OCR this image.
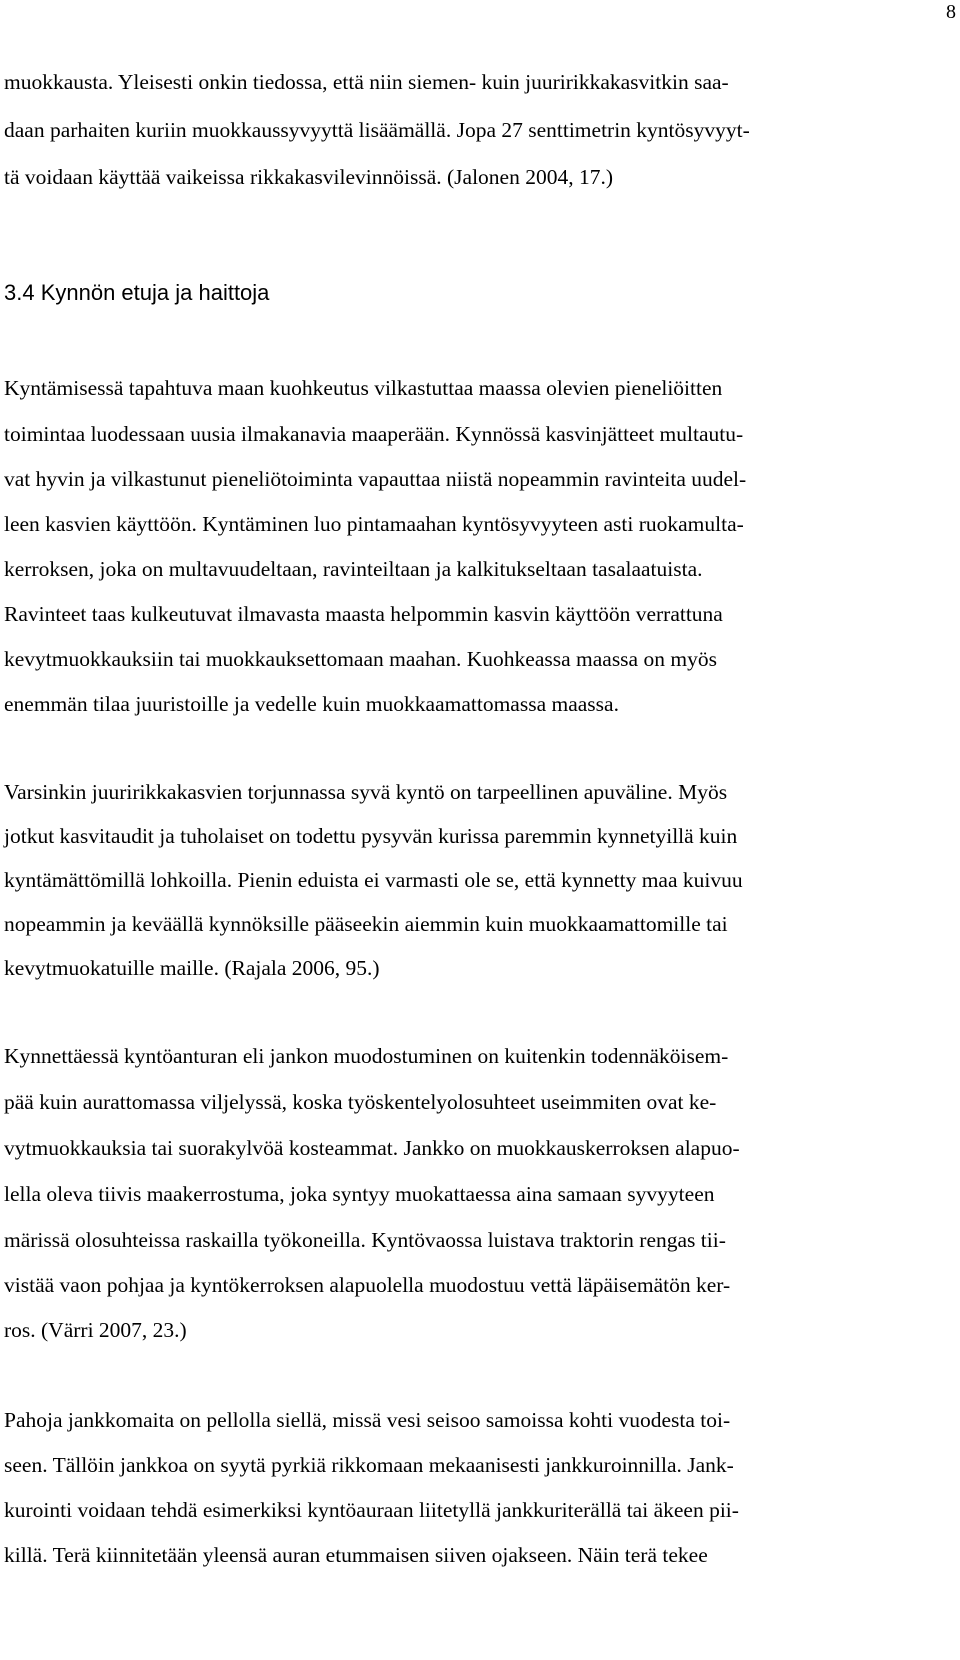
8
muokkausta. Yleisesti onkin tiedossa, että niin siemen- kuin juuririkkakasvitkin saa-
daan parhaiten kuriin muokkaussyvyyttä lisäämällä. Jopa 27 senttimetrin kyntösyvyyt-
tä voidaan käyttää vaikeissa rikkakasvilevinnöissä. (Jalonen 2004, 17.)
3.4 Kynnön etuja ja haittoja
Kyntämisessä tapahtuva maan kuohkeutus vilkastuttaa maassa olevien pieneliöitten
toimintaa luodessaan uusia ilmakanavia maaperään. Kynnössä kasvinjätteet multautu-
vat hyvin ja vilkastunut pieneliötoiminta vapauttaa niistä nopeammin ravinteita uudel-
leen kasvien käyttöön. Kyntäminen luo pintamaahan kyntösyvyyteen asti ruokamulta-
kerroksen, joka on multavuudeltaan, ravinteiltaan ja kalkitukseltaan tasalaatuista.
Ravinteet taas kulkeutuvat ilmavasta maasta helpommin kasvin käyttöön verrattuna
kevytmuokkauksiin tai muokkauksettomaan maahan. Kuohkeassa maassa on myös
enemmän tilaa juuristoille ja vedelle kuin muokkaamattomassa maassa.
Varsinkin juuririkkakasvien torjunnassa syvä kyntö on tarpeellinen apuväline. Myös
jotkut kasvitaudit ja tuholaiset on todettu pysyvän kurissa paremmin kynnetyillä kuin
kyntämättömillä lohkoilla. Pienin eduista ei varmasti ole se, että kynnetty maa kuivuu
nopeammin ja keväällä kynnöksille pääseekin aiemmin kuin muokkaamattomille tai
kevytmuokatuille maille. (Rajala 2006, 95.)
Kynnettäessä kyntöanturan eli jankon muodostuminen on kuitenkin todennäköisem-
pää kuin aurattomassa viljelyssä, koska työskentelyolosuhteet useimmiten ovat ke-
vytmuokkauksia tai suorakylvöä kosteammat. Jankko on muokkauskerroksen alapuo-
lella oleva tiivis maakerrostuma, joka syntyy muokattaessa aina samaan syvyyteen
märissä olosuhteissa raskailla työkoneilla. Kyntövaossa luistava traktorin rengas tii-
vistää vaon pohjaa ja kyntökerroksen alapuolella muodostuu vettä läpäisemätön ker-
ros. (Värri 2007, 23.)
Pahoja jankkomaita on pellolla siellä, missä vesi seisoo samoissa kohti vuodesta toi-
seen. Tällöin jankkoa on syytä pyrkiä rikkomaan mekaanisesti jankkuroinnilla. Jank-
kurointi voidaan tehdä esimerkiksi kyntöauraan liitetyllä jankkuriterällä tai äkeen pii-
killä. Terä kiinnitetään yleensä auran etummaisen siiven ojakseen. Näin terä tekee
